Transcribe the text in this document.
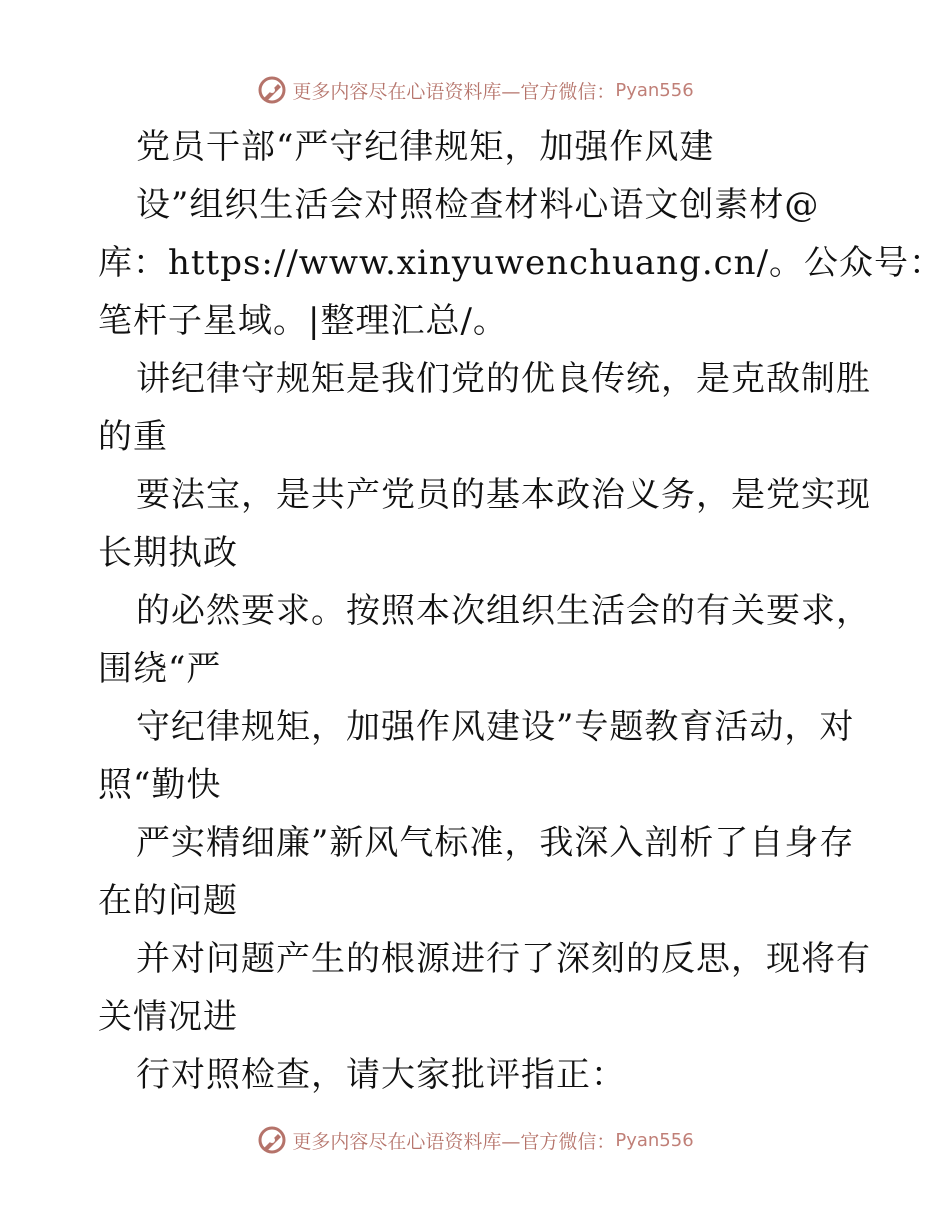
更多内容尽在心语资料库—官方微信： Pyan556
党员干部“严守纪律规矩，加强作风建
设”组织生活会对照检查材料心语文创素材@
库：https://www.xinyuwenchuang.cn/。公众号：
笔杆子星域。|整理汇总/。
讲纪律守规矩是我们党的优良传统，是克敌制胜
的重
要法宝，是共产党员的基本政治义务，是党实现
长期执政
的必然要求。按照本次组织生活会的有关要求，
围绕“严
守纪律规矩，加强作风建设”专题教育活动，对
照“勤快
严实精细廉”新风气标准，我深入剖析了自身存
在的问题
并对问题产生的根源进行了深刻的反思，现将有
关情况进
行对照检查，请大家批评指正：
更多内容尽在心语资料库—官方微信： Pyan556
